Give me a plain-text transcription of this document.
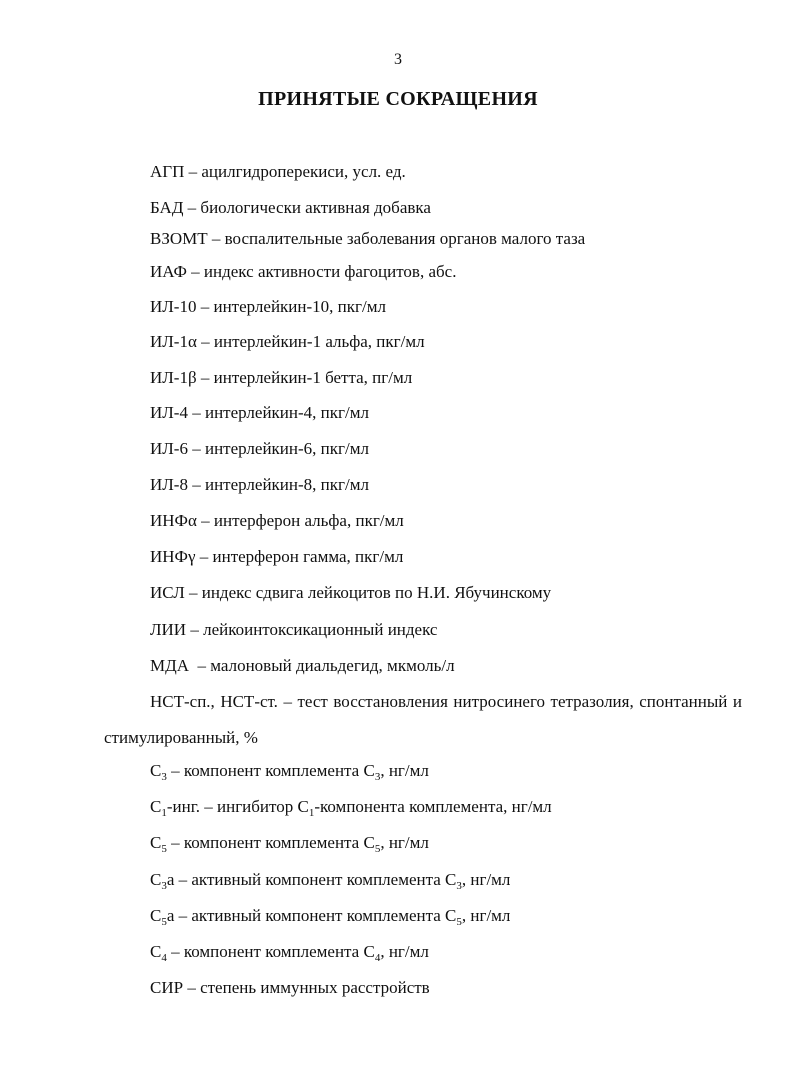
3
ПРИНЯТЫЕ СОКРАЩЕНИЯ
АГП – ацилгидроперекиси, усл. ед.
БАД – биологически активная добавка
ВЗОМТ – воспалительные заболевания органов малого таза
ИАФ – индекс активности фагоцитов, абс.
ИЛ-10 – интерлейкин-10, пкг/мл
ИЛ-1α – интерлейкин-1 альфа, пкг/мл
ИЛ-1β – интерлейкин-1 бетта, пг/мл
ИЛ-4 – интерлейкин-4, пкг/мл
ИЛ-6 – интерлейкин-6, пкг/мл
ИЛ-8 – интерлейкин-8, пкг/мл
ИНФα – интерферон альфа, пкг/мл
ИНФγ – интерферон гамма, пкг/мл
ИСЛ – индекс сдвига лейкоцитов по Н.И. Ябучинскому
ЛИИ – лейкоинтоксикационный индекс
МДА  – малоновый диальдегид, мкмоль/л
НСТ-сп., НСТ-ст. – тест восстановления нитросинего тетразолия, спонтанный и стимулированный, %
$С_3$ – компонент комплемента $С_3$, нг/мл
$С_1$-инг. – ингибитор $С_1$-компонента комплемента, нг/мл
$С_5$ – компонент комплемента $С_5$, нг/мл
$С_3а$ – активный компонент комплемента $С_3$, нг/мл
$С_5а$ – активный компонент комплемента $С_5$, нг/мл
$С_4$ – компонент комплемента $С_4$, нг/мл
СИР – степень иммунных расстройств
